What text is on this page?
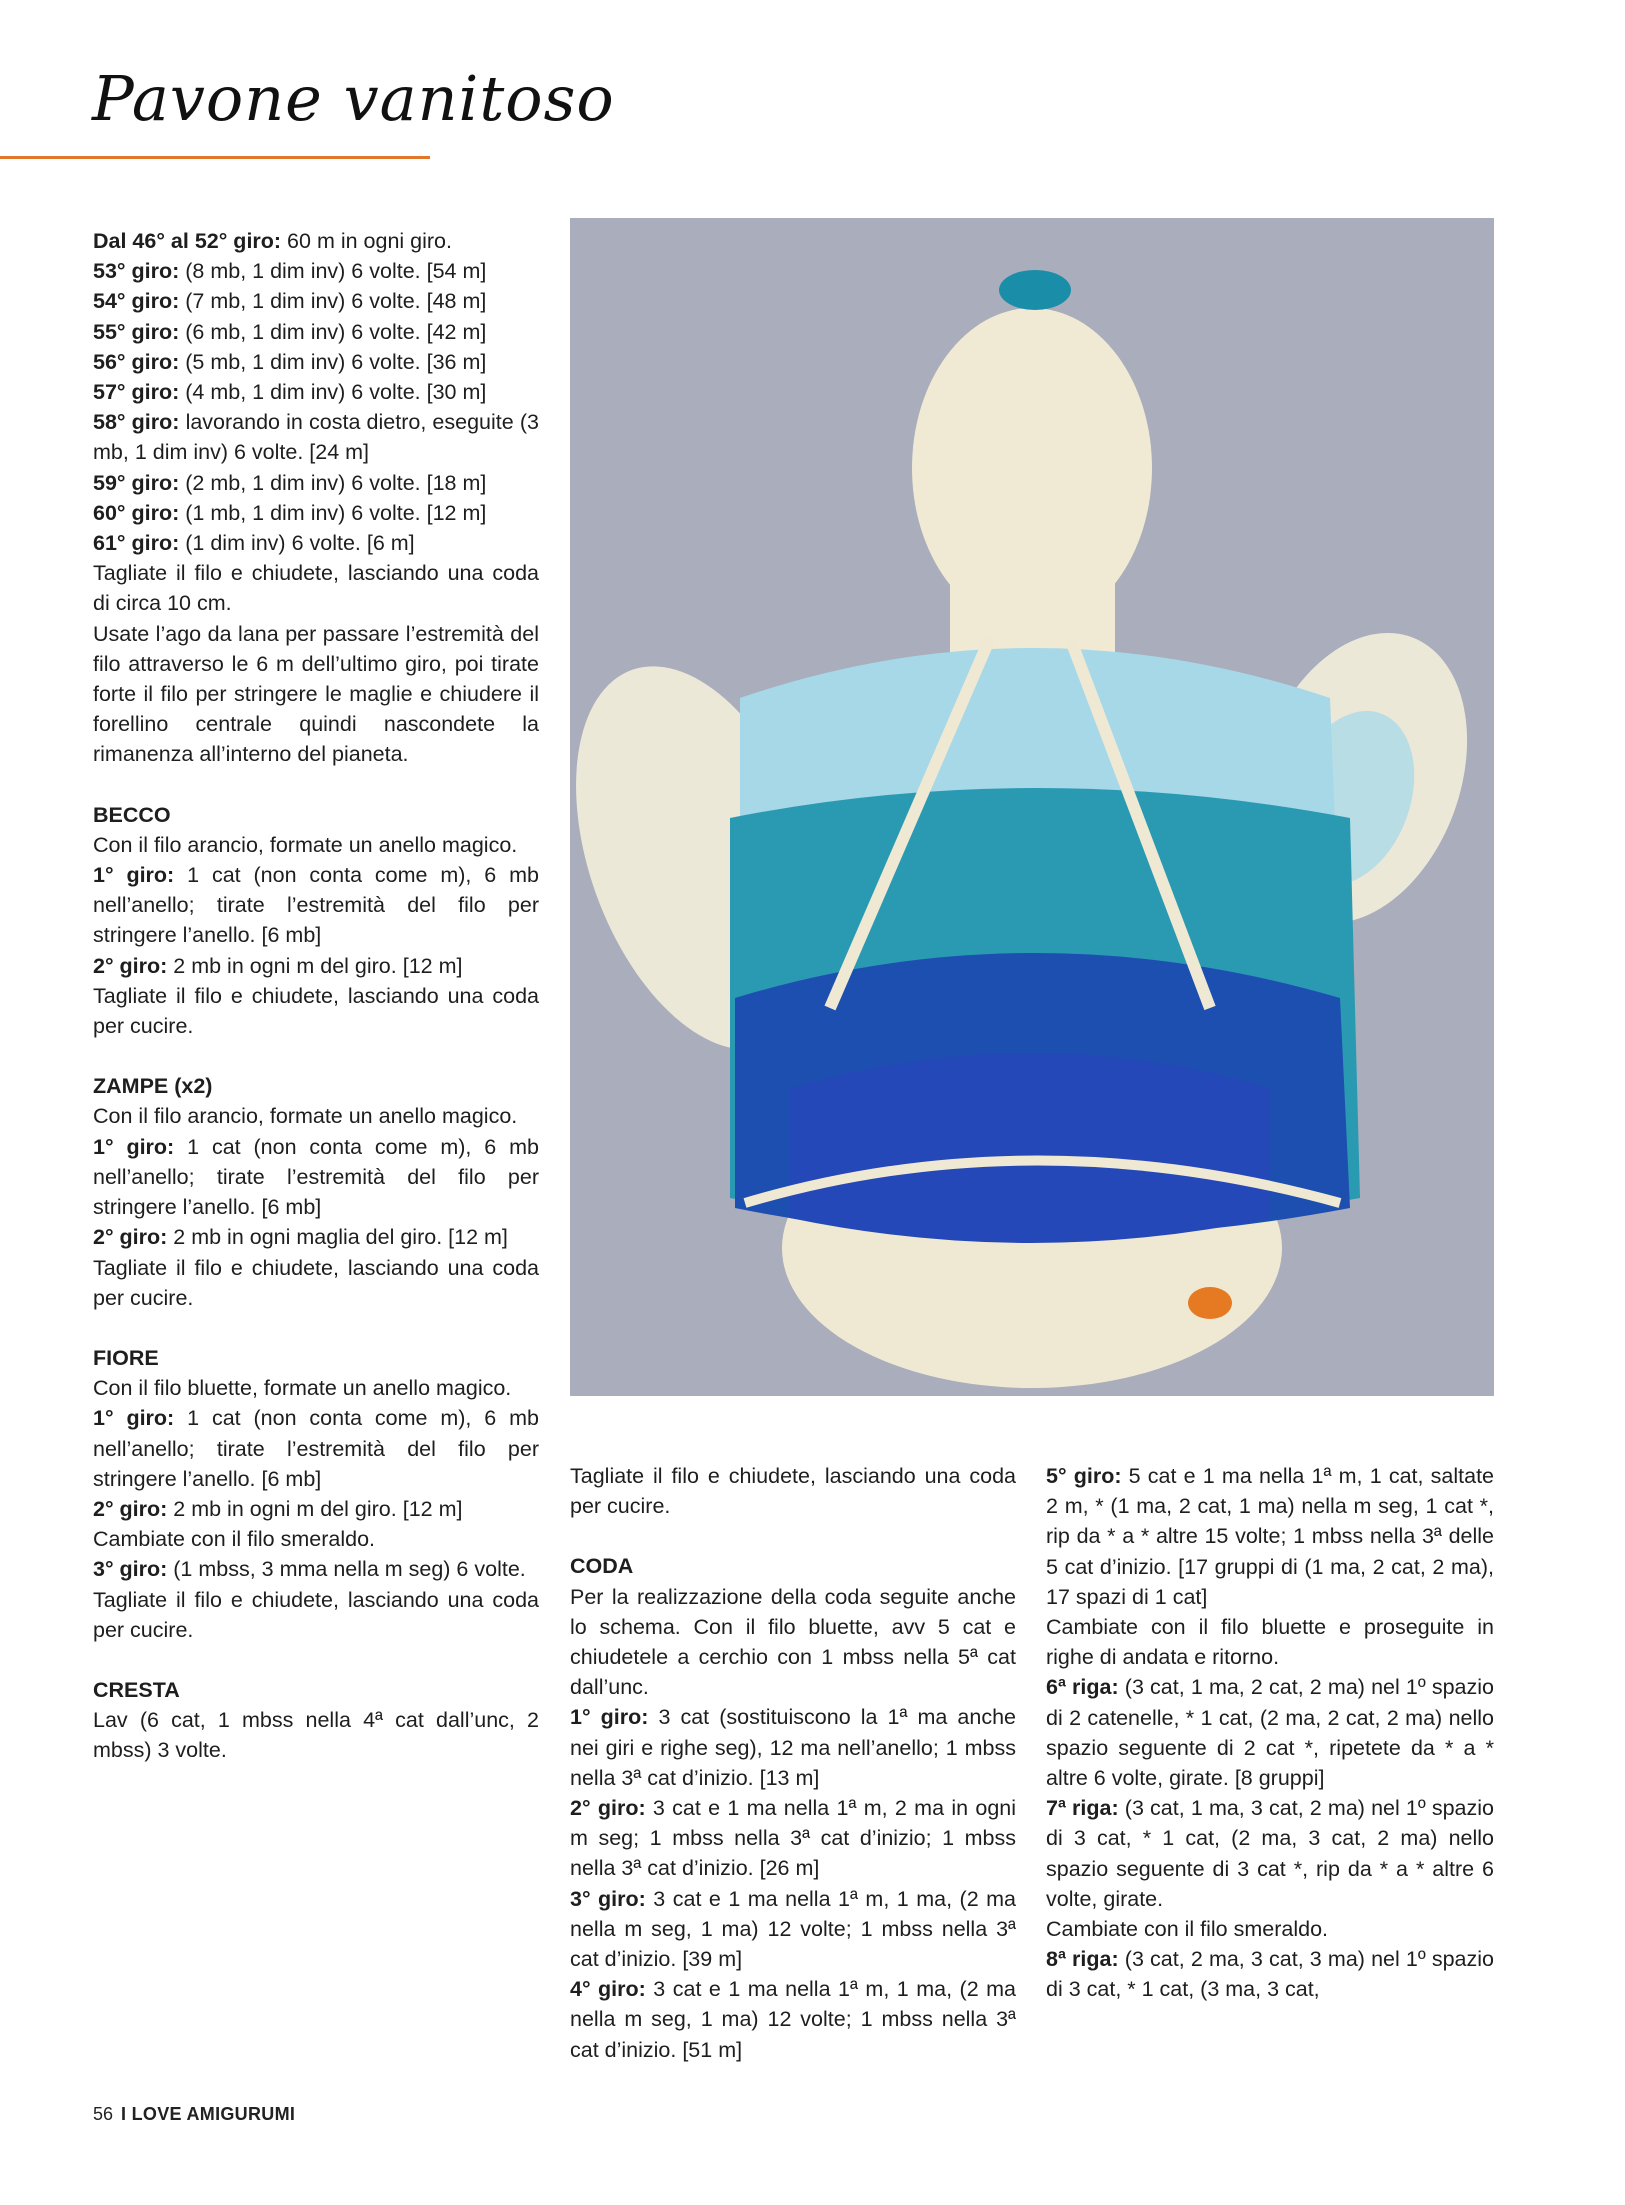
Pavone vanitoso

Dal 46° al 52° giro: 60 m in ogni giro.

53° giro: (8 mb, 1 dim inv) 6 volte. [54 m]

54° giro: (7 mb, 1 dim inv) 6 volte. [48 m]

55° giro: (6 mb, 1 dim inv) 6 volte. [42 m]

56° giro: (5 mb, 1 dim inv) 6 volte. [36 m]

57° giro: (4 mb, 1 dim inv) 6 volte. [30 m]

58° giro: lavorando in costa dietro, eseguite (3 mb, 1 dim inv) 6 volte. [24 m]

59° giro: (2 mb, 1 dim inv) 6 volte. [18 m]

60° giro: (1 mb, 1 dim inv) 6 volte. [12 m]

61° giro: (1 dim inv) 6 volte. [6 m]

Tagliate il filo e chiudete, lasciando una coda di circa 10 cm.

Usate l’ago da lana per passare l’estremità del filo attraverso le 6 m dell’ultimo giro, poi tirate forte il filo per stringere le maglie e chiudere il forellino centrale quindi nascondete la rimanenza all’interno del pianeta.

BECCO

Con il filo arancio, formate un anello magico.

1° giro: 1 cat (non conta come m), 6 mb nell’anello; tirate l’estremità del filo per stringere l’anello. [6 mb]

2° giro: 2 mb in ogni m del giro. [12 m]

Tagliate il filo e chiudete, lasciando una coda per cucire.

ZAMPE (x2)

Con il filo arancio, formate un anello magico.

1° giro: 1 cat (non conta come m), 6 mb nell’anello; tirate l’estremità del filo per stringere l’anello. [6 mb]

2° giro: 2 mb in ogni maglia del giro. [12 m]

Tagliate il filo e chiudete, lasciando una coda per cucire.

FIORE

Con il filo bluette, formate un anello magico.

1° giro: 1 cat (non conta come m), 6 mb nell’anello; tirate l’estremità del filo per stringere l’anello. [6 mb]

2° giro: 2 mb in ogni m del giro. [12 m]

Cambiate con il filo smeraldo.

3° giro: (1 mbss, 3 mma nella m seg) 6 volte.

Tagliate il filo e chiudete, lasciando una coda per cucire.

CRESTA

Lav (6 cat, 1 mbss nella 4ª cat dall’unc, 2 mbss) 3 volte.

Tagliate il filo e chiudete, lasciando una coda per cucire.

CODA

Per la realizzazione della coda seguite anche lo schema. Con il filo bluette, avv 5 cat e chiudetele a cerchio con 1 mbss nella 5ª cat dall’unc.

1° giro: 3 cat (sostituiscono la 1ª ma anche nei giri e righe seg), 12 ma nell’anello; 1 mbss nella 3ª cat d’inizio. [13 m]

2° giro: 3 cat e 1 ma nella 1ª m, 2 ma in ogni m seg; 1 mbss nella 3ª cat d’inizio; 1 mbss nella 3ª cat d’inizio. [26 m]

3° giro: 3 cat e 1 ma nella 1ª m, 1 ma, (2 ma nella m seg, 1 ma) 12 volte; 1 mbss nella 3ª cat d’inizio. [39 m]

4° giro: 3 cat e 1 ma nella 1ª m, 1 ma, (2 ma nella m seg, 1 ma) 12 volte; 1 mbss nella 3ª cat d’inizio. [51 m]

5° giro: 5 cat e 1 ma nella 1ª m, 1 cat, saltate 2 m, * (1 ma, 2 cat, 1 ma) nella m seg, 1 cat *, rip da * a * altre 15 volte; 1 mbss nella 3ª delle 5 cat d’inizio. [17 gruppi di (1 ma, 2 cat, 2 ma), 17 spazi di 1 cat]

Cambiate con il filo bluette e proseguite in righe di andata e ritorno.

6ª riga: (3 cat, 1 ma, 2 cat, 2 ma) nel 1º spazio di 2 catenelle, * 1 cat, (2 ma, 2 cat, 2 ma) nello spazio seguente di 2 cat *, ripetete da * a * altre 6 volte, girate. [8 gruppi]

7ª riga: (3 cat, 1 ma, 3 cat, 2 ma) nel 1º spazio di 3 cat, * 1 cat, (2 ma, 3 cat, 2 ma) nello spazio seguente di 3 cat *, rip da * a * altre 6 volte, girate.

Cambiate con il filo smeraldo.

8ª riga: (3 cat, 2 ma, 3 cat, 3 ma) nel 1º spazio di 3 cat, * 1 cat, (3 ma, 3 cat,

56 I LOVE AMIGURUMI
